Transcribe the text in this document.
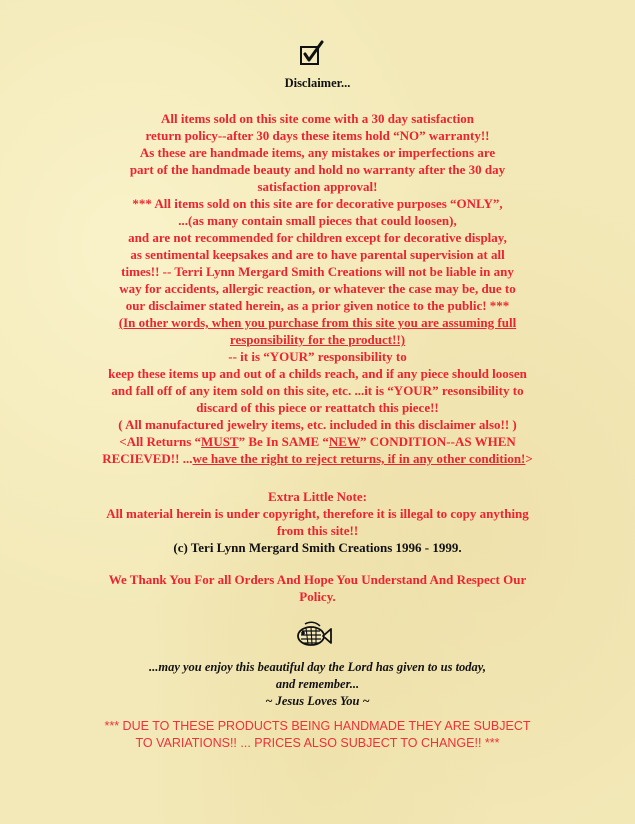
Disclaimer...

All items sold on this site come with a 30 day satisfaction
return policy--after 30 days these items hold “NO” warranty!!
As these are handmade items, any mistakes or imperfections are
part of the handmade beauty and hold no warranty after the 30 day
satisfaction approval!
*** All items sold on this site are for decorative purposes “ONLY”,
...(as many contain small pieces that could loosen),
and are not recommended for children except for decorative display,
as sentimental keepsakes and are to have parental supervision at all
times!! -- Terri Lynn Mergard Smith Creations will not be liable in any
way for accidents, allergic reaction, or whatever the case may be, due to
our disclaimer stated herein, as a prior given notice to the public! ***
(In other words, when you purchase from this site you are assuming full
responsibility for the product!!)
-- it is “YOUR” responsibility to
keep these items up and out of a childs reach, and if any piece should loosen
and fall off of any item sold on this site, etc. ...it is “YOUR” resonsibility to
discard of this piece or reattatch this piece!!
( All manufactured jewelry items, etc. included in this disclaimer also!! )
<All Returns “MUST” Be In SAME “NEW” CONDITION--AS WHEN
RECIEVED!! ...we have the right to reject returns, if in any other condition!>

Extra Little Note:
All material herein is under copyright, therefore it is illegal to copy anything
from this site!!
(c) Teri Lynn Mergard Smith Creations 1996 - 1999.

We Thank You For all Orders And Hope You Understand And Respect Our
Policy.

...may you enjoy this beautiful day the Lord has given to us today,
and remember...
~ Jesus Loves You ~

*** DUE TO THESE PRODUCTS BEING HANDMADE THEY ARE SUBJECT
TO VARIATIONS!! ... PRICES ALSO SUBJECT TO CHANGE!! ***
